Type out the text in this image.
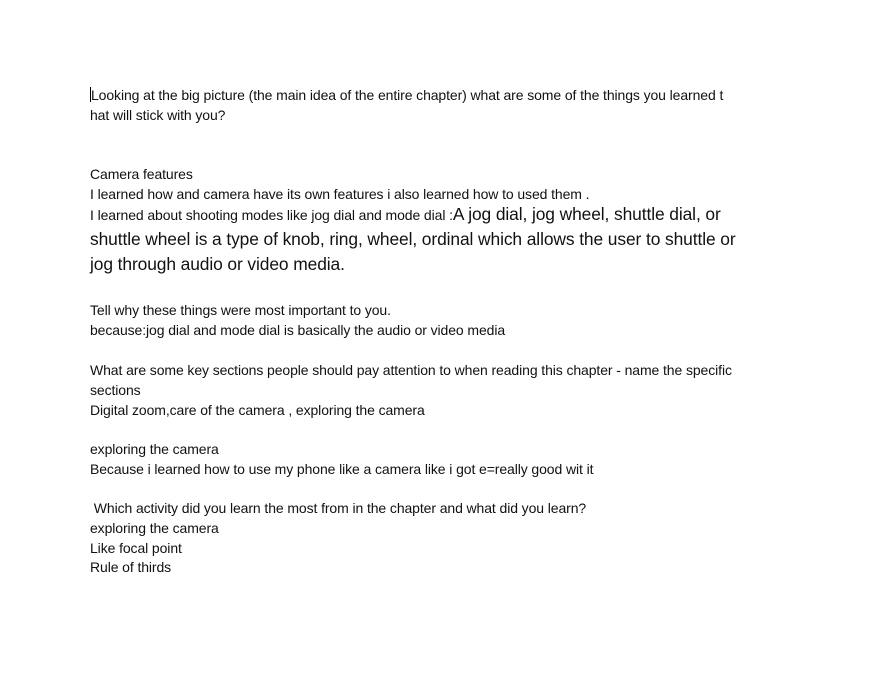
Looking at the big picture (the main idea of the entire chapter) what are some of the things you learned t
hat will stick with you?
Camera features
I learned how and camera have its own features i also learned how to used them .
I learned about shooting modes like jog dial and mode dial :A jog dial, jog wheel, shuttle dial, or
shuttle wheel is a type of knob, ring, wheel, ordinal which allows the user to shuttle or
jog through audio or video media.
Tell why these things were most important to you.
because:jog dial and mode dial is basically the audio or video media
What are some key sections people should pay attention to when reading this chapter - name the specific
sections
Digital zoom,care of the camera , exploring the camera
exploring the camera
Because i learned how to use my phone like a camera like i got e=really good wit it
Which activity did you learn the most from in the chapter and what did you learn?
exploring the camera
Like focal point
Rule of thirds
